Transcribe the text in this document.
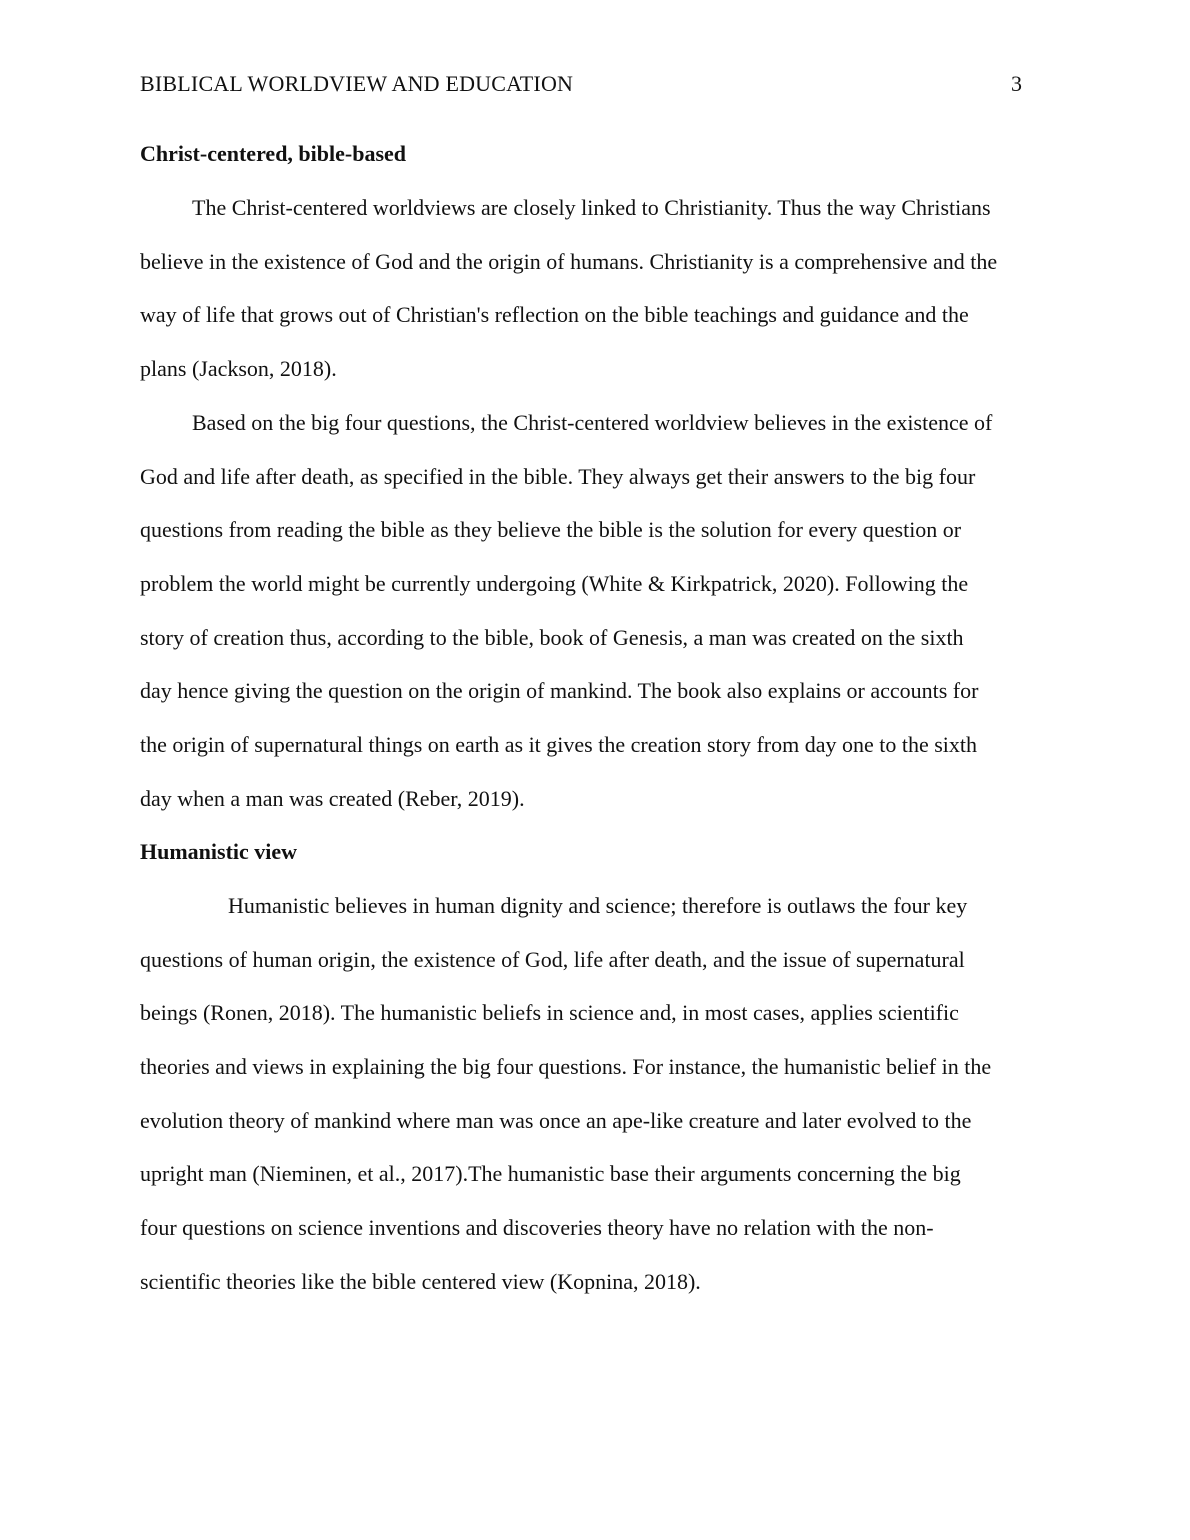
BIBLICAL WORLDVIEW AND EDUCATION	3
Christ-centered, bible-based
The Christ-centered worldviews are closely linked to Christianity. Thus the way Christians
believe in the existence of God and the origin of humans. Christianity is a comprehensive and the
way of life that grows out of Christian's reflection on the bible teachings and guidance and the
plans (Jackson, 2018).
Based on the big four questions, the Christ-centered worldview believes in the existence of
God and life after death, as specified in the bible. They always get their answers to the big four
questions from reading the bible as they believe the bible is the solution for every question or
problem the world might be currently undergoing (White & Kirkpatrick, 2020). Following the
story of creation thus, according to the bible, book of Genesis, a man was created on the sixth
day hence giving the question on the origin of mankind. The book also explains or accounts for
the origin of supernatural things on earth as it gives the creation story from day one to the sixth
day when a man was created (Reber, 2019).
Humanistic view
Humanistic believes in human dignity and science; therefore is outlaws the four key
questions of human origin, the existence of God, life after death, and the issue of supernatural
beings (Ronen, 2018). The humanistic beliefs in science and, in most cases, applies scientific
theories and views in explaining the big four questions. For instance, the humanistic belief in the
evolution theory of mankind where man was once an ape-like creature and later evolved to the
upright man (Nieminen, et al., 2017).The humanistic base their arguments concerning the big
four questions on science inventions and discoveries theory have no relation with the non-
scientific theories like the bible centered view (Kopnina, 2018).
